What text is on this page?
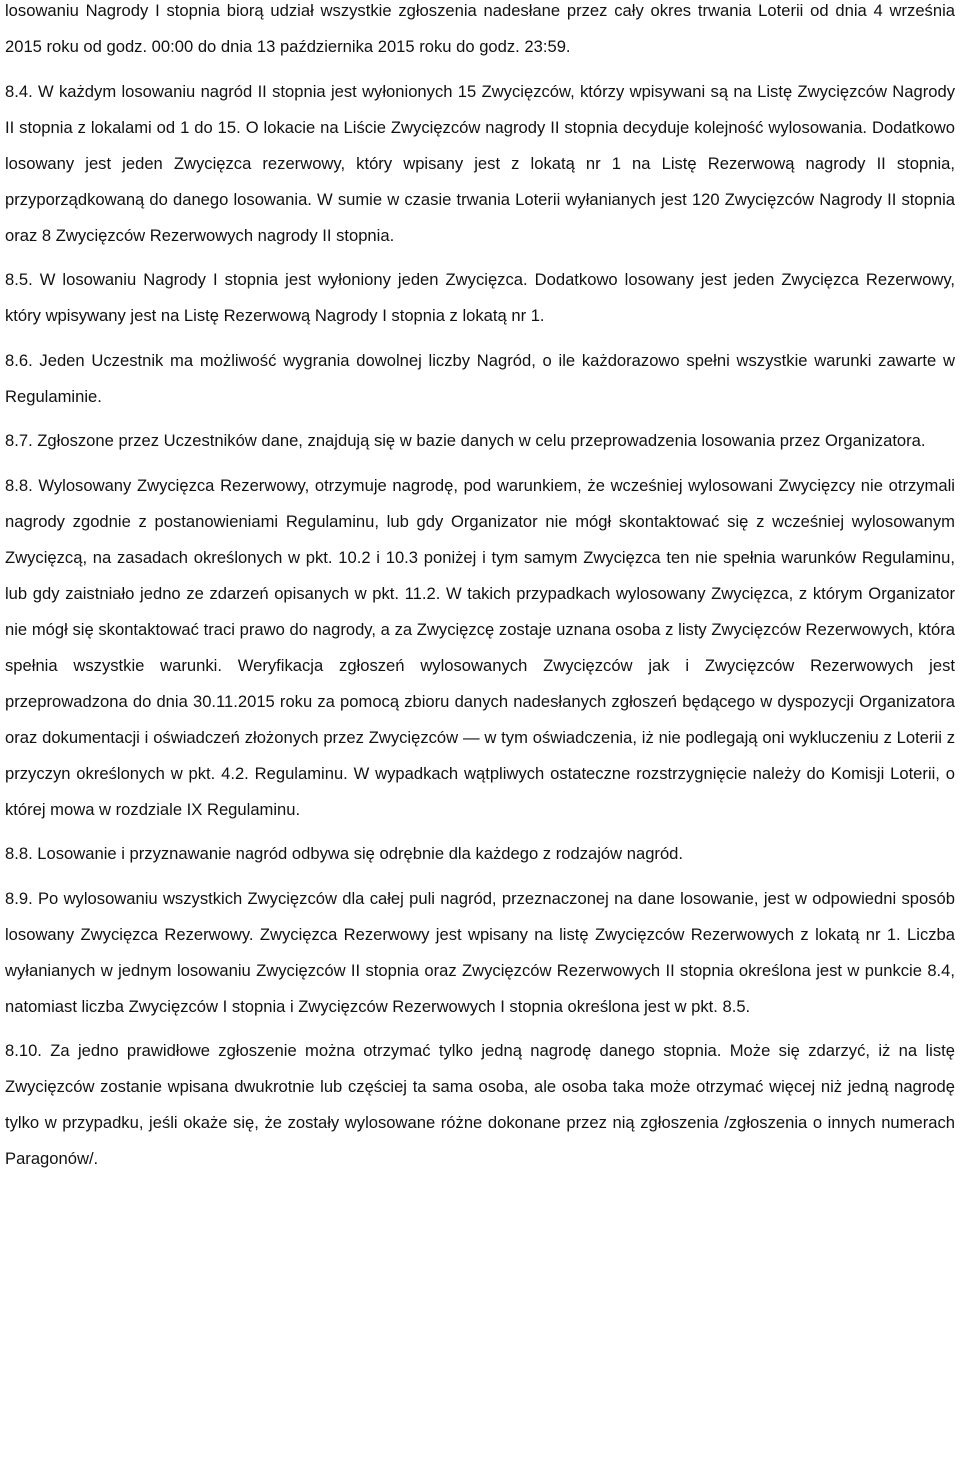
losowaniu Nagrody I stopnia biorą udział wszystkie zgłoszenia nadesłane przez cały okres trwania Loterii od dnia 4 września 2015 roku od godz. 00:00 do dnia 13 października 2015 roku do godz. 23:59.

8.4. W każdym losowaniu nagród II stopnia jest wyłonionych 15 Zwycięzców, którzy wpisywani są na Listę Zwycięzców Nagrody II stopnia z lokalami od 1 do 15. O lokacie na Liście Zwycięzców nagrody II stopnia decyduje kolejność wylosowania. Dodatkowo losowany jest jeden Zwycięzca rezerwowy, który wpisany jest z lokatą nr 1 na Listę Rezerwową nagrody II stopnia, przyporządkowaną do danego losowania. W sumie w czasie trwania Loterii wyłanianych jest 120 Zwycięzców Nagrody II stopnia oraz 8 Zwycięzców Rezerwowych nagrody II stopnia.

8.5. W losowaniu Nagrody I stopnia jest wyłoniony jeden Zwycięzca. Dodatkowo losowany jest jeden Zwycięzca Rezerwowy, który wpisywany jest na Listę Rezerwową Nagrody I stopnia z lokatą nr 1.

8.6. Jeden Uczestnik ma możliwość wygrania dowolnej liczby Nagród, o ile każdorazowo spełni wszystkie warunki zawarte w Regulaminie.

8.7. Zgłoszone przez Uczestników dane, znajdują się w bazie danych w celu przeprowadzenia losowania przez Organizatora.

8.8. Wylosowany Zwycięzca Rezerwowy, otrzymuje nagrodę, pod warunkiem, że wcześniej wylosowani Zwycięzcy nie otrzymali nagrody zgodnie z postanowieniami Regulaminu, lub gdy Organizator nie mógł skontaktować się z wcześniej wylosowanym Zwycięzcą, na zasadach określonych w pkt. 10.2 i 10.3 poniżej i tym samym Zwycięzca ten nie spełnia warunków Regulaminu, lub gdy zaistniało jedno ze zdarzeń opisanych w pkt. 11.2. W takich przypadkach wylosowany Zwycięzca, z którym Organizator nie mógł się skontaktować traci prawo do nagrody, a za Zwycięzcę zostaje uznana osoba z listy Zwycięzców Rezerwowych, która spełnia wszystkie warunki. Weryfikacja zgłoszeń wylosowanych Zwycięzców jak i Zwycięzców Rezerwowych jest przeprowadzona do dnia 30.11.2015 roku za pomocą zbioru danych nadesłanych zgłoszeń będącego w dyspozycji Organizatora oraz dokumentacji i oświadczeń złożonych przez Zwycięzców — w tym oświadczenia, iż nie podlegają oni wykluczeniu z Loterii z przyczyn określonych w pkt. 4.2. Regulaminu. W wypadkach wątpliwych ostateczne rozstrzygnięcie należy do Komisji Loterii, o której mowa w rozdziale IX Regulaminu.

8.8. Losowanie i przyznawanie nagród odbywa się odrębnie dla każdego z rodzajów nagród.

8.9. Po wylosowaniu wszystkich Zwycięzców dla całej puli nagród, przeznaczonej na dane losowanie, jest w odpowiedni sposób losowany Zwycięzca Rezerwowy. Zwycięzca Rezerwowy jest wpisany na listę Zwycięzców Rezerwowych z lokatą nr 1. Liczba wyłanianych w jednym losowaniu Zwycięzców II stopnia oraz Zwycięzców Rezerwowych II stopnia określona jest w punkcie 8.4, natomiast liczba Zwycięzców I stopnia i Zwycięzców Rezerwowych I stopnia określona jest w pkt. 8.5.

8.10. Za jedno prawidłowe zgłoszenie można otrzymać tylko jedną nagrodę danego stopnia. Może się zdarzyć, iż na listę Zwycięzców zostanie wpisana dwukrotnie lub częściej ta sama osoba, ale osoba taka może otrzymać więcej niż jedną nagrodę tylko w przypadku, jeśli okaże się, że zostały wylosowane różne dokonane przez nią zgłoszenia /zgłoszenia o innych numerach Paragonów/.
